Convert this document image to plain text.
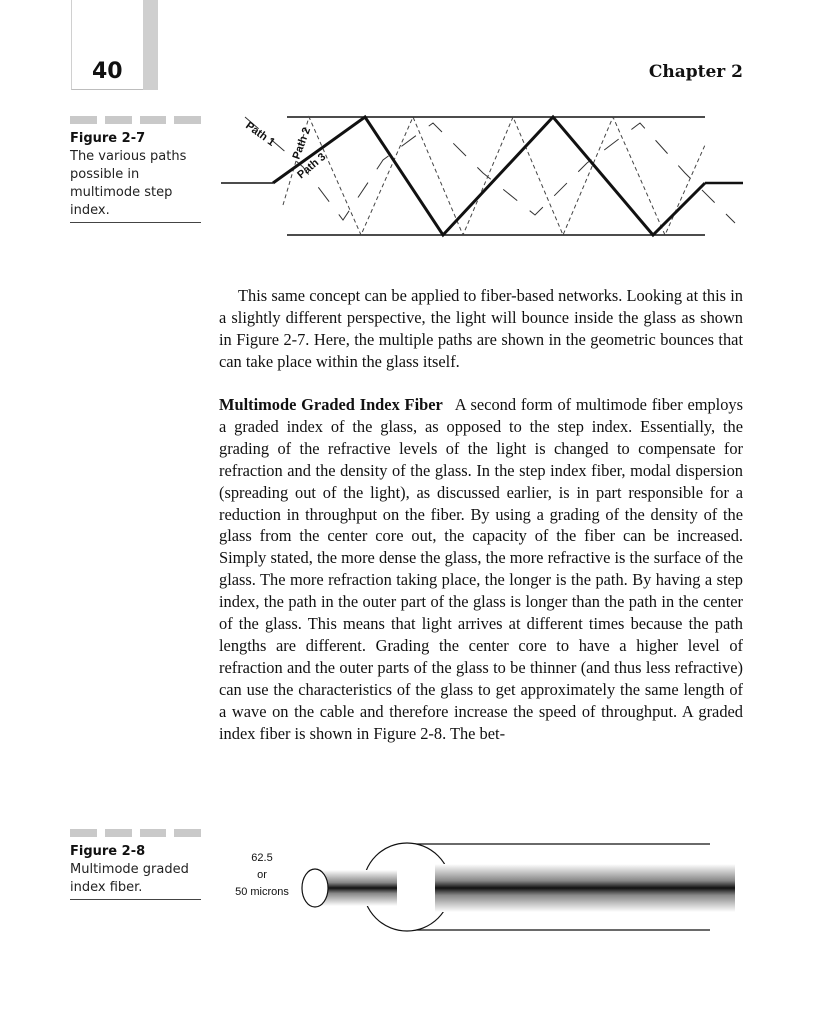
40	Chapter 2
Figure 2-7
The various paths possible in multimode step index.
Path 1 Path 2
Path 3

This same concept can be applied to fiber-based networks. Looking at this in a slightly different perspective, the light will bounce inside the glass as shown in Figure 2-7. Here, the multiple paths are shown in the geometric bounces that can take place within the glass itself.

Multimode Graded Index Fiber A second form of multimode fiber employs a graded index of the glass, as opposed to the step index. Essentially, the grading of the refractive levels of the light is changed to compensate for refraction and the density of the glass. In the step index fiber, modal dispersion (spreading out of the light), as discussed earlier, is in part responsible for a reduction in throughput on the fiber. By using a grading of the density of the glass from the center core out, the capacity of the fiber can be increased. Simply stated, the more dense the glass, the more refractive is the surface of the glass. The more refraction taking place, the longer is the path. By having a step index, the path in the outer part of the glass is longer than the path in the center of the glass. This means that light arrives at different times because the path lengths are different. Grading the center core to have a higher level of refraction and the outer parts of the glass to be thinner (and thus less refractive) can use the characteristics of the glass to get approximately the same length of a wave on the cable and therefore increase the speed of throughput. A graded index fiber is shown in Figure 2-8. The bet-

Figure 2-8
Multimode graded index fiber.
62.5
or
50 microns
